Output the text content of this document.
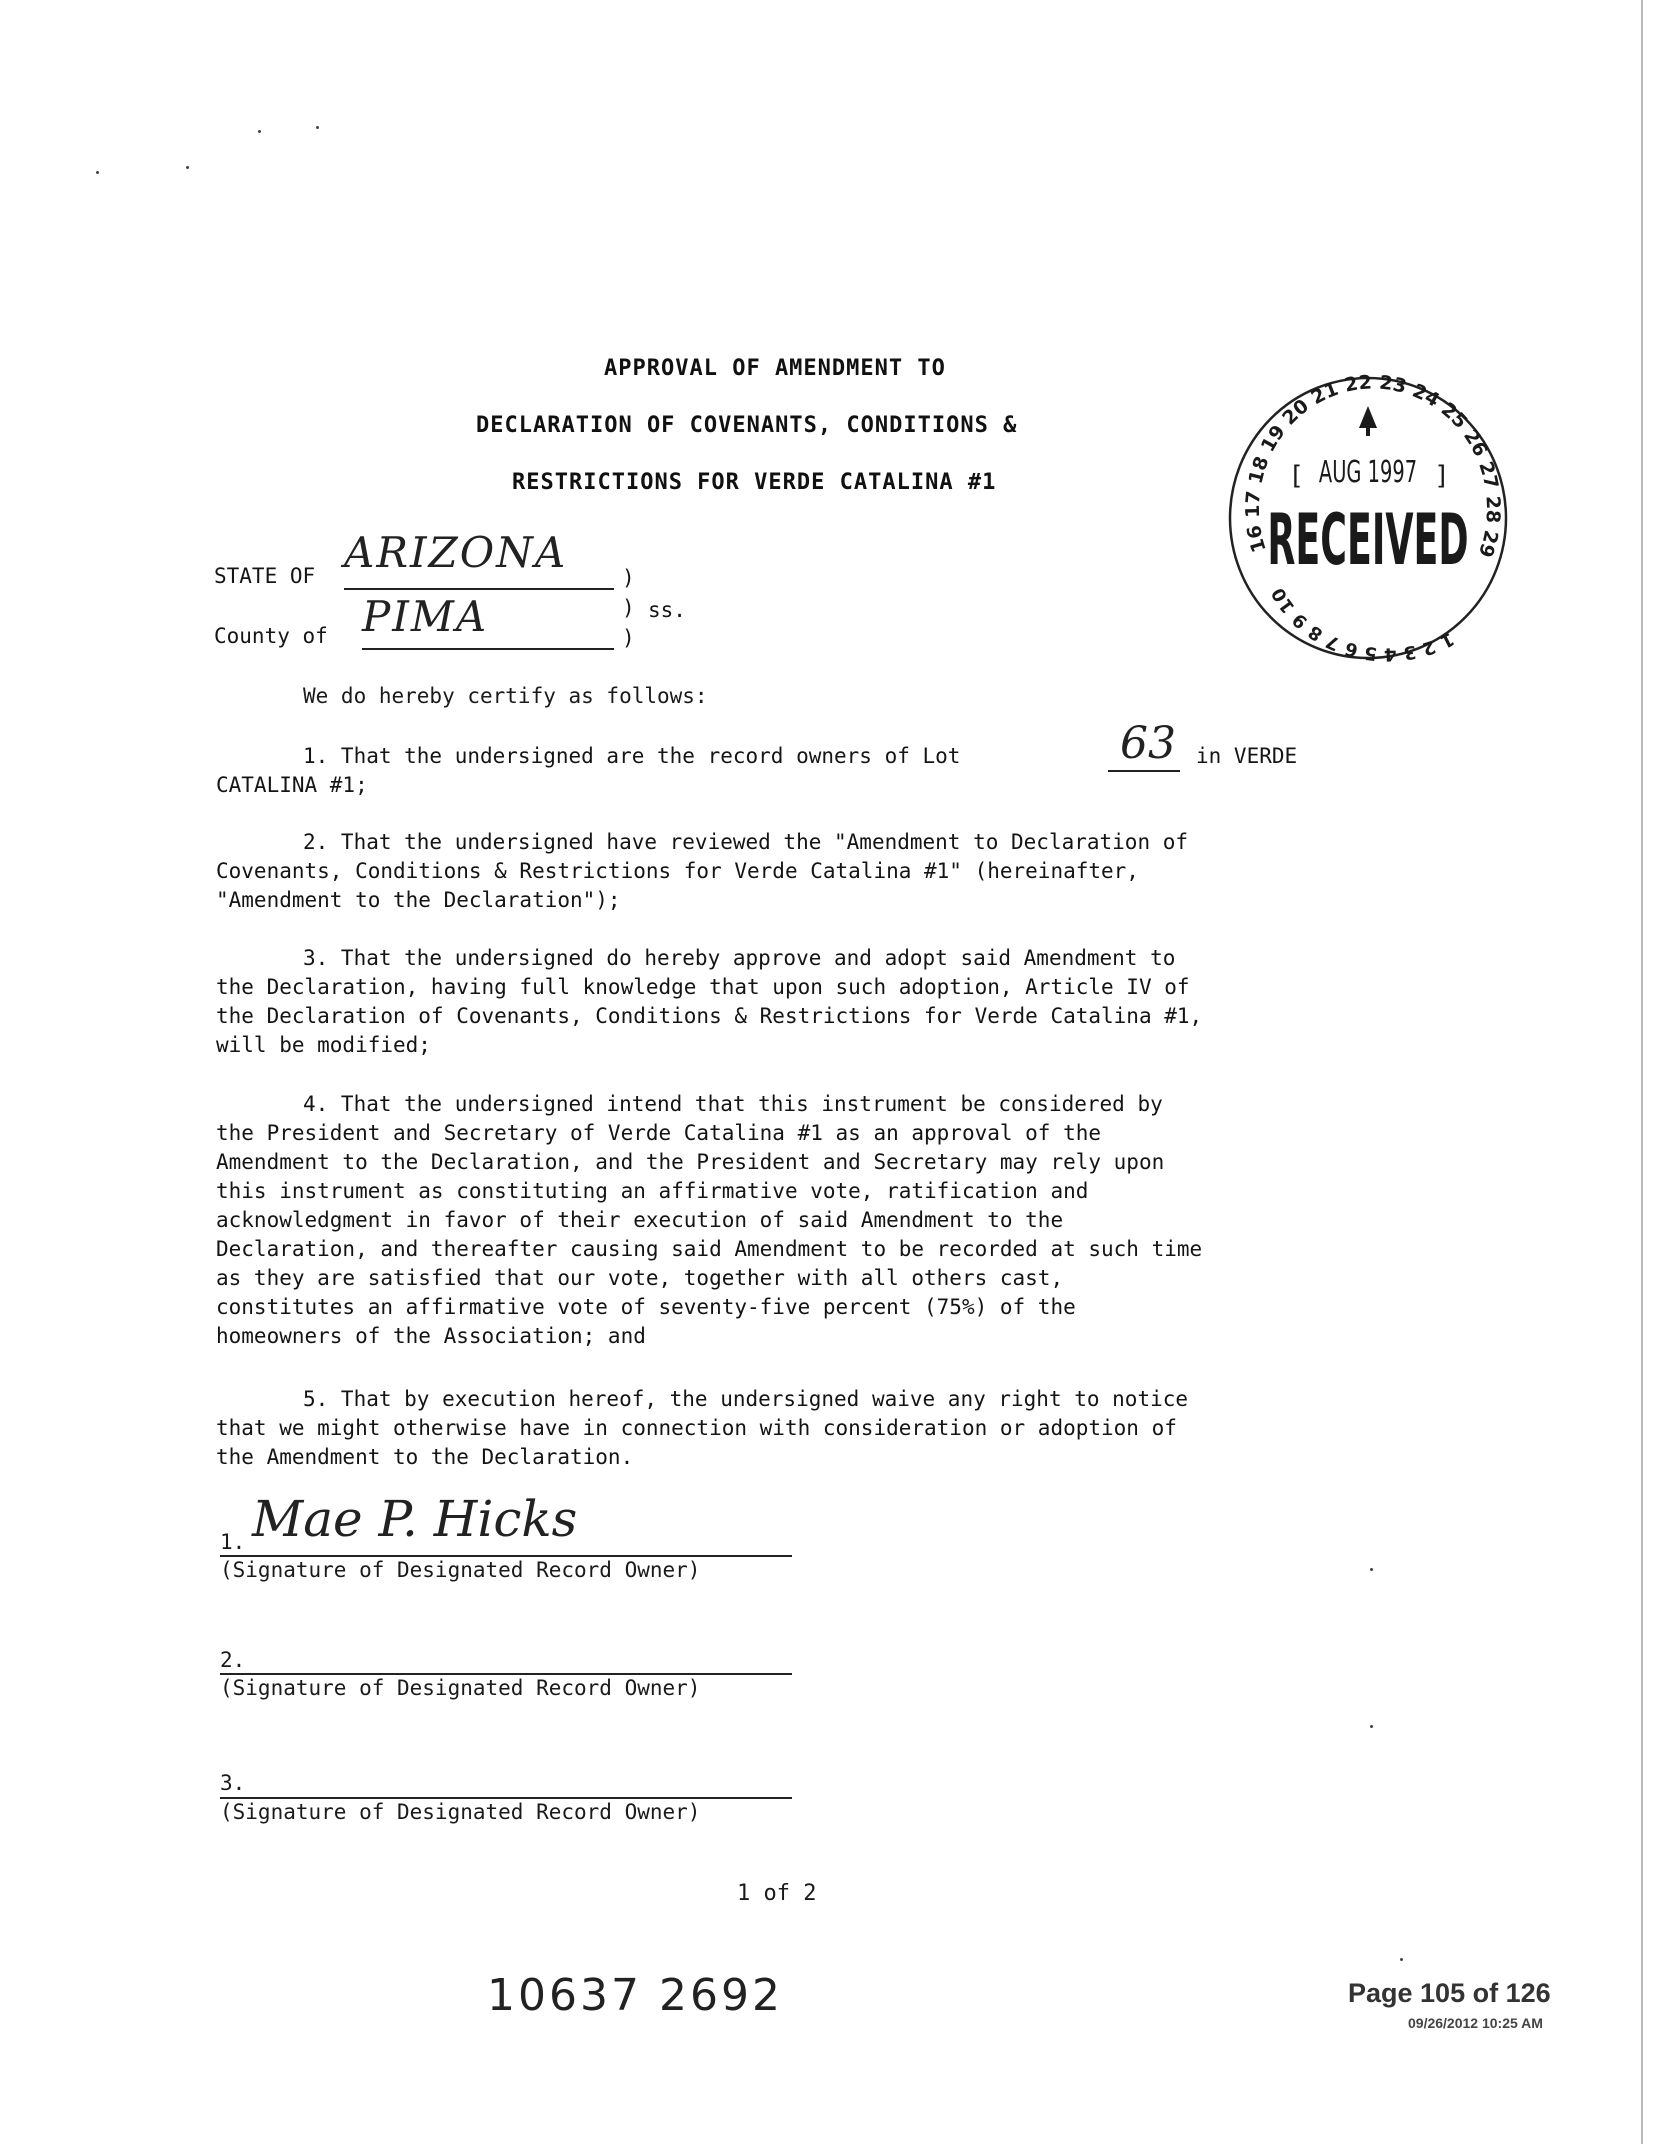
APPROVAL OF AMENDMENT TO
DECLARATION OF COVENANTS, CONDITIONS &
RESTRICTIONS FOR VERDE CATALINA #1
16 17 18 19 20 21 22 23 24 25 26 27 28 29
1 2 3 4 5 6 7 8 9 10
[	]
AUG 1997
RECEIVED
STATE OF ARIZONA
)
) ss.
County of PIMA	)
We do hereby certify as follows:
1. That the undersigned are the record owners of Lot	63 in VERDE
CATALINA #1;
2. That the undersigned have reviewed the "Amendment to Declaration of
Covenants, Conditions & Restrictions for Verde Catalina #1" (hereinafter,
"Amendment to the Declaration");
3. That the undersigned do hereby approve and adopt said Amendment to
the Declaration, having full knowledge that upon such adoption, Article IV of
the Declaration of Covenants, Conditions & Restrictions for Verde Catalina #1,
will be modified;
4. That the undersigned intend that this instrument be considered by
the President and Secretary of Verde Catalina #1 as an approval of the
Amendment to the Declaration, and the President and Secretary may rely upon
this instrument as constituting an affirmative vote, ratification and
acknowledgment in favor of their execution of said Amendment to the
Declaration, and thereafter causing said Amendment to be recorded at such time
as they are satisfied that our vote, together with all others cast,
constitutes an affirmative vote of seventy-five percent (75%) of the
homeowners of the Association; and
5. That by execution hereof, the undersigned waive any right to notice
that we might otherwise have in connection with consideration or adoption of
the Amendment to the Declaration.
1. Mae P. Hicks
(Signature of Designated Record Owner)
2.
(Signature of Designated Record Owner)
3.
(Signature of Designated Record Owner)
1 of 2
10637 2692	Page 105 of 126
09/26/2012 10:25 AM
